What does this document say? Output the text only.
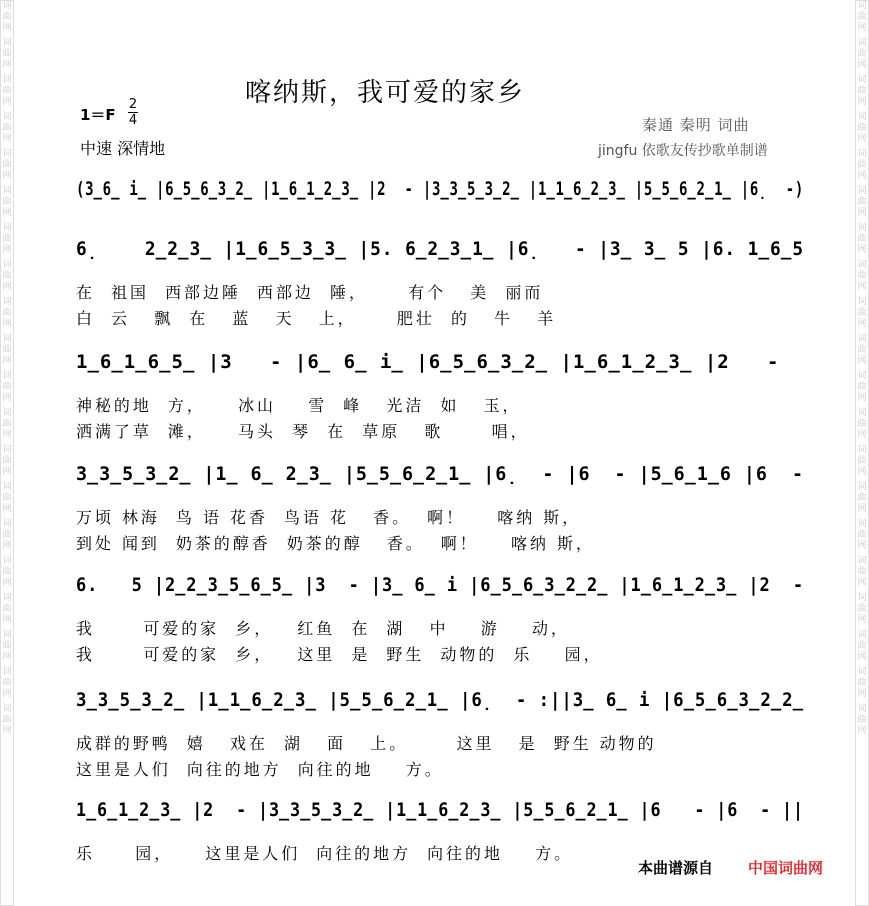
词曲网
词曲网
词曲网
词曲网
词曲网
词曲网
词曲网
词曲网
词曲网
词曲网
词曲网
词曲网
词曲网
词曲网
词曲网
词曲网
词曲网
词曲网
词曲网
词曲网
词曲网
词曲网
词曲网
词曲网
词曲网
词曲网
词曲网
词曲网
词曲网
词曲网
词曲网
词曲网
词曲网
词曲网
词曲网
词曲网
词曲网
词曲网
词曲网
词曲网
喀纳斯，我可爱的家乡
1＝F
2
4
中速 深情地
秦通 秦明 词曲
jingfu 依歌友传抄歌单制谱
(3̲6̲ i̲ |6̲5̲6̲3̲2̲ |1̲6̲1̲2̲3̲ |2  - |3̲3̲5̲3̲2̲ |1̲1̲6̲2̲3̲ |5̲5̲6̲2̲1̲ |6̣  -)
6̣    2̲2̲3̲ |1̲6̲5̲3̲3̲ |5. 6̲2̲3̲1̲ |6̣   - |3̲ 3̲ 5 |6. 1̲6̲5
在  祖国  西部边陲  西部边  陲，     有个   美  丽而
白  云   飘  在   蓝   天   上，     肥壮  的   牛   羊
1̲6̲1̲6̲5̲ |3   - |6̲ 6̲ i̲ |6̲5̲6̲3̲2̲ |1̲6̲1̲2̲3̲ |2   -
神秘的地  方，    冰山    雪  峰   光洁  如   玉，
洒满了草  滩，    马头  琴  在  草原   歌      唱，
3̲3̲5̲3̲2̲ |1̲ 6̲ 2̲3̲ |5̲5̲6̲2̲1̲ |6̣  - |6  - |5̲6̲1̲6 |6  -
万顷 林海  鸟 语 花香  鸟语 花   香。  啊！    喀纳 斯，
到处 闻到  奶茶的醇香  奶茶的醇   香。  啊！    喀纳 斯，
6.   5 |2̲2̲3̲5̲6̲5̲ |3  - |3̲ 6̲ i |6̲5̲6̲3̲2̲2̲ |1̲6̲1̲2̲3̲ |2  -
我      可爱的家  乡，   红鱼  在  湖   中    游    动，
我      可爱的家  乡，   这里  是  野生  动物的  乐    园，
3̲3̲5̲3̲2̲ |1̲1̲6̲2̲3̲ |5̲5̲6̲2̲1̲ |6̣  - :||3̲ 6̲ i |6̲5̲6̲3̲2̲2̲
成群的野鸭  嬉   戏在  湖   面   上。      这里   是  野生 动物的
这里是人们  向往的地方  向往的地    方。
1̲6̲1̲2̲3̲ |2  - |3̲3̲5̲3̲2̲ |1̲1̲6̲2̲3̲ |5̲5̲6̲2̲1̲ |6   - |6  - ||
乐     园，    这里是人们  向往的地方  向往的地    方。
本曲谱源自 中国词曲网
